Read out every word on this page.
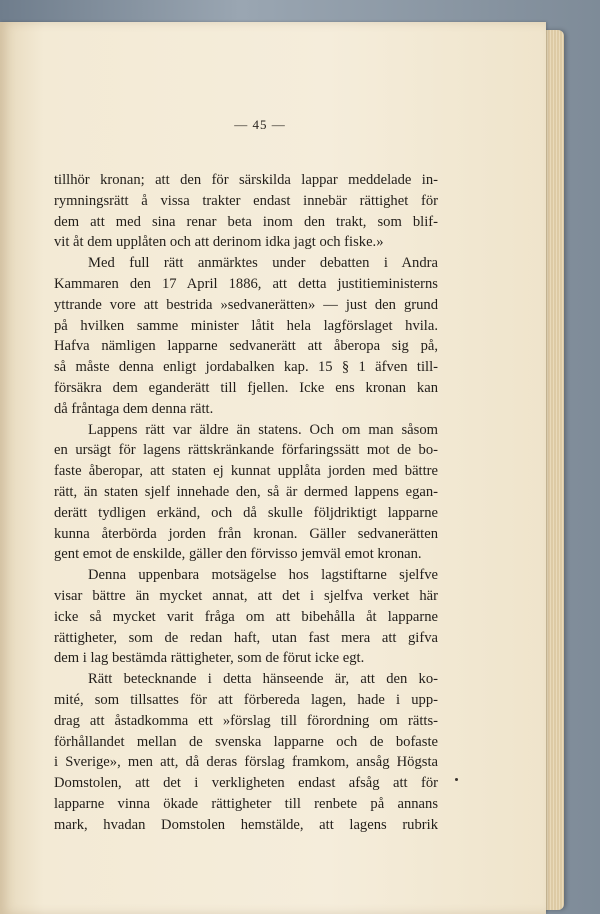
— 45 —
tillhör kronan; att den för särskilda lappar meddelade in-
rymningsrätt å vissa trakter endast innebär rättighet för
dem att med sina renar beta inom den trakt, som blif-
vit åt dem upplåten och att derinom idka jagt och fiske.»
Med full rätt anmärktes under debatten i Andra
Kammaren den 17 April 1886, att detta justitieministerns
yttrande vore att bestrida »sedvanerätten» — just den grund
på hvilken samme minister låtit hela lagförslaget hvila.
Hafva nämligen lapparne sedvanerätt att åberopa sig på,
så måste denna enligt jordabalken kap. 15 § 1 äfven till-
försäkra dem eganderätt till fjellen. Icke ens kronan kan
då fråntaga dem denna rätt.
Lappens rätt var äldre än statens. Och om man såsom
en ursägt för lagens rättskränkande förfaringssätt mot de bo-
faste åberopar, att staten ej kunnat upplåta jorden med bättre
rätt, än staten sjelf innehade den, så är dermed lappens egan-
derätt tydligen erkänd, och då skulle följdriktigt lapparne
kunna återbörda jorden från kronan. Gäller sedvanerätten
gent emot de enskilde, gäller den förvisso jemväl emot kronan.
Denna uppenbara motsägelse hos lagstiftarne sjelfve
visar bättre än mycket annat, att det i sjelfva verket här
icke så mycket varit fråga om att bibehålla åt lapparne
rättigheter, som de redan haft, utan fast mera att gifva
dem i lag bestämda rättigheter, som de förut icke egt.
Rätt betecknande i detta hänseende är, att den ko-
mité, som tillsattes för att förbereda lagen, hade i upp-
drag att åstadkomma ett »förslag till förordning om rätts-
förhållandet mellan de svenska lapparne och de bofaste
i Sverige», men att, då deras förslag framkom, ansåg Högsta
Domstolen, att det i verkligheten endast afsåg att för
lapparne vinna ökade rättigheter till renbete på annans
mark, hvadan Domstolen hemstälde, att lagens rubrik
